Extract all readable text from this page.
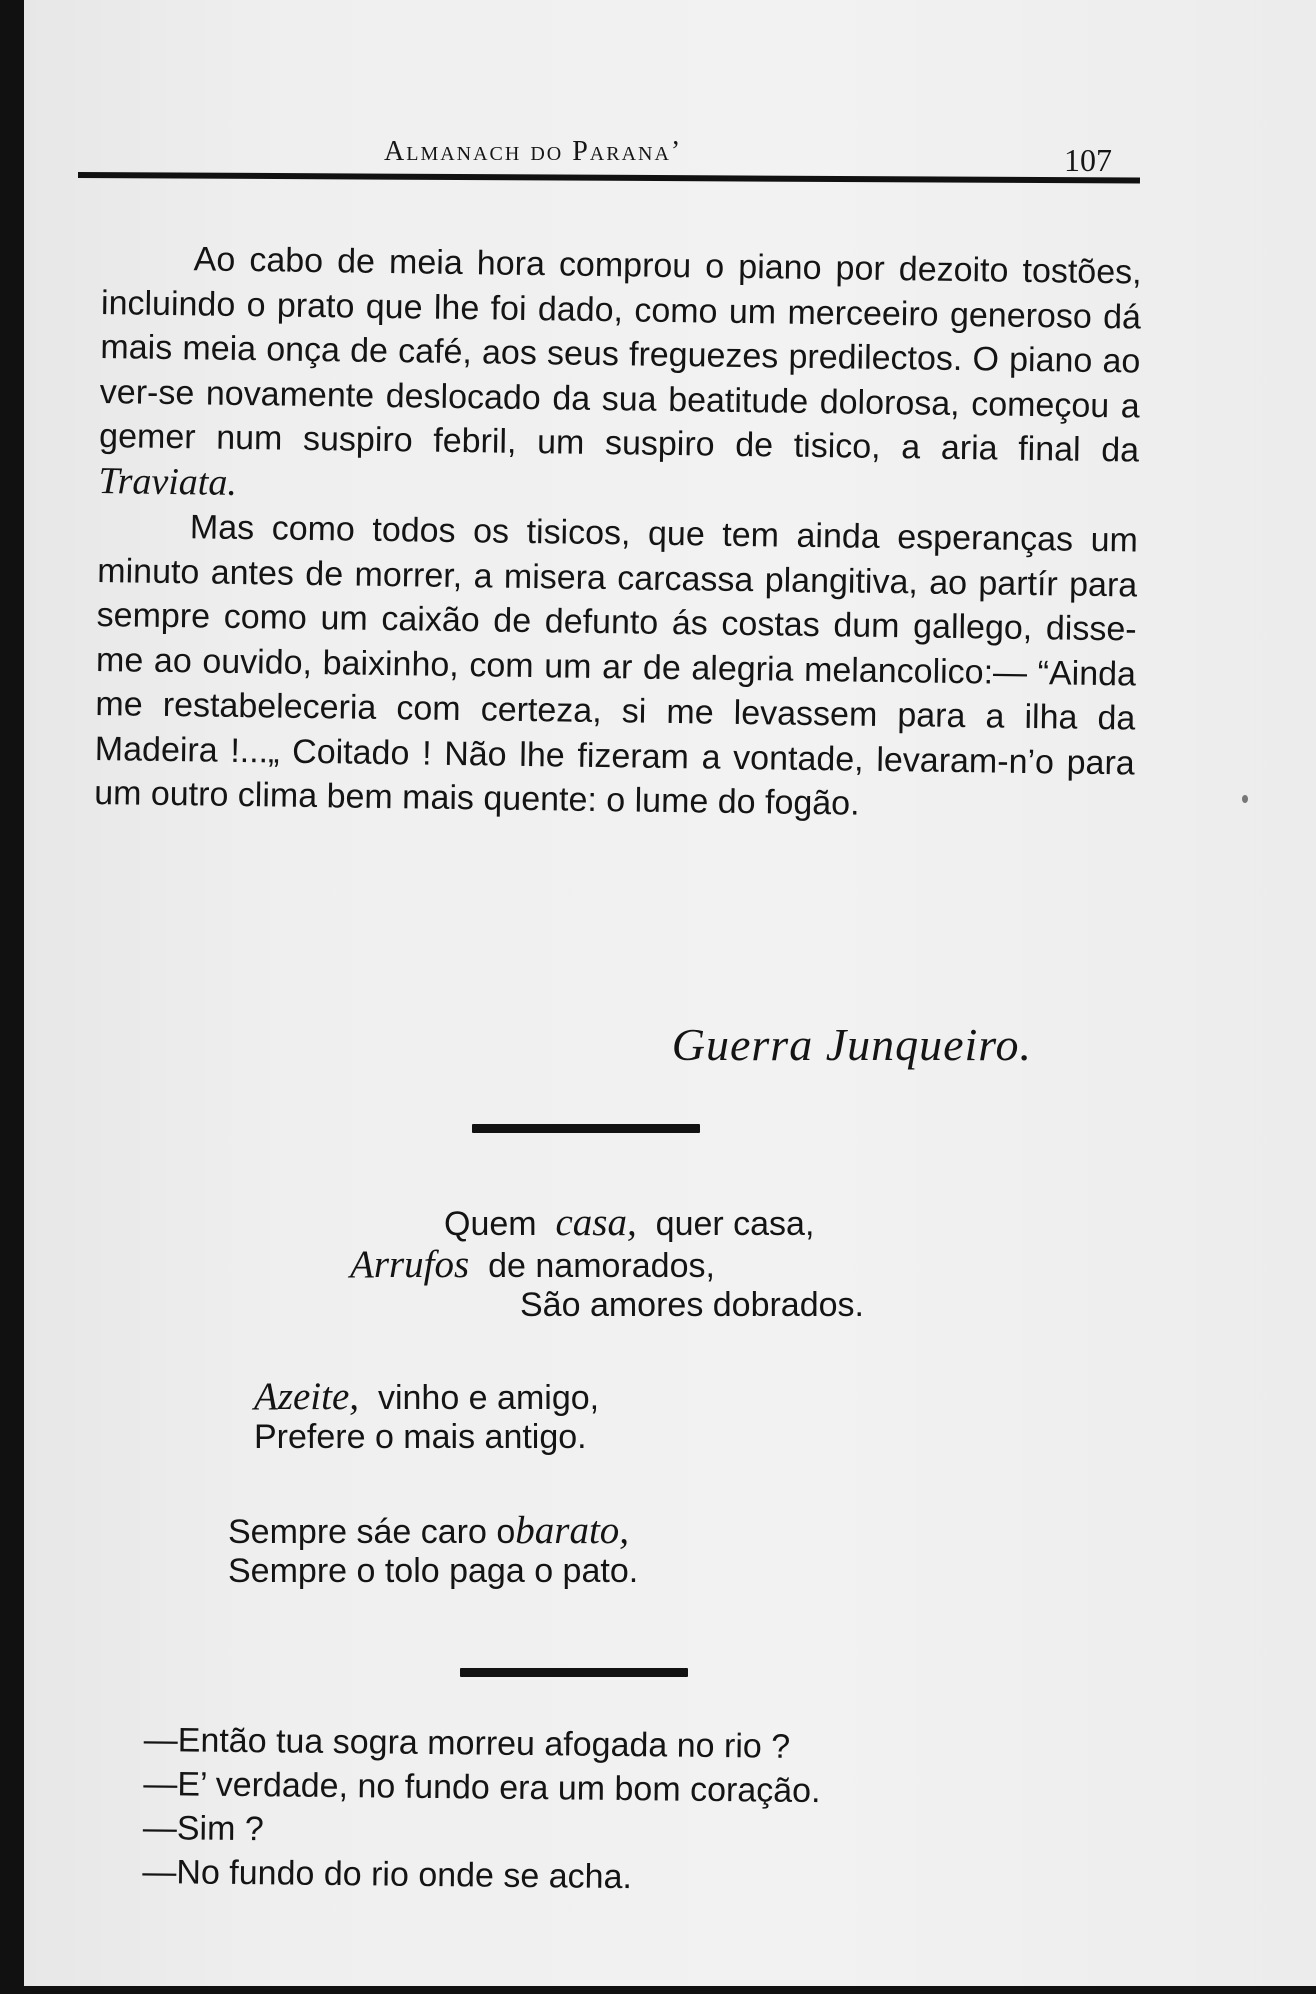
Almanach do Parana’	107

Ao cabo de meia hora comprou o piano por dezoito tostões, incluindo o prato que lhe foi dado, como um merceeiro generoso dá mais meia onça de café, aos seus freguezes predilectos. O piano ao ver-se novamente deslocado da sua beatitude dolorosa, começou a gemer num suspiro febril, um suspiro de tisico, a aria final da Traviata.

Mas como todos os tisicos, que tem ainda esperanças um minuto antes de morrer, a misera carcassa plangitiva, ao partír para sempre como um caixão de defunto ás costas dum gallego, disse-me ao ouvido, baixinho, com um ar de alegria melancolico:— “Ainda me restabeleceria com certeza, si me levassem para a ilha da Madeira !...„ Coitado ! Não lhe fizeram a vontade, levaram-n’o para um outro clima bem mais quente: o lume do fogão.

Guerra Junqueiro.
Quem casa, quer casa,
Arrufos de namorados,
São amores dobrados.
Azeite, vinho e amigo,
Prefere o mais antigo.
Sempre sáe caro obarato,
Sempre o tolo paga o pato.
—Então tua sogra morreu afogada no rio ?
—E’ verdade, no fundo era um bom coração.
—Sim ?
—No fundo do rio onde se acha.
